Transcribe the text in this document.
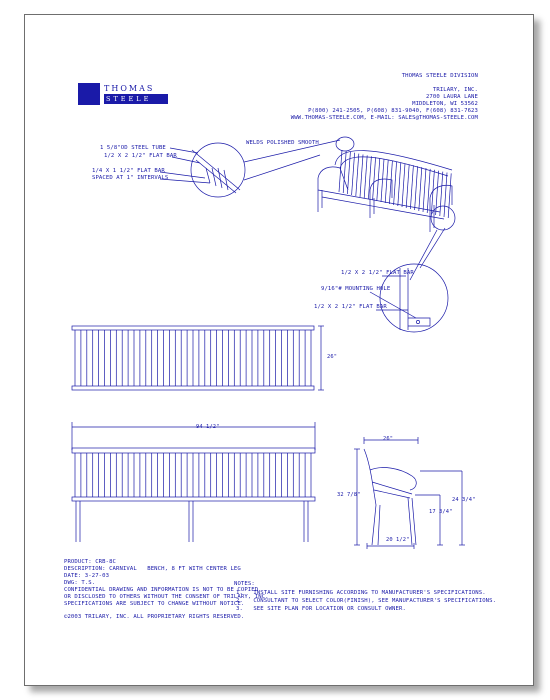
THOMAS
STEELE
THOMAS STEELE DIVISION
TRILARY, INC.
2700 LAURA LANE
MIDDLETON, WI 53562
P(800) 241-2505, P(608) 831-9040, F(608) 831-7623
WWW.THOMAS-STEELE.COM, E-MAIL: SALES@THOMAS-STEELE.COM
1 5/8"OD STEEL TUBE
1/2 X 2 1/2" FLAT BAR
1/4 X 1 1/2" FLAT BAR
SPACED AT 1" INTERVALS
WELDS POLISHED SMOOTH
1/2 X 2 1/2" FLAT BAR
9/16"# MOUNTING HOLE
1/2 X 2 1/2" FLAT BAR
26"
94 1/2"
26"
32 7/8"
24 3/4"
17 3/4"
20 1/2"
PRODUCT: CRB-8C
DESCRIPTION: CARNIVAL   BENCH, 8 FT WITH CENTER LEG
DATE: 3-27-03
DWG: T.S.
CONFIDENTIAL DRAWING AND INFORMATION IS NOT TO BE COPIED
OR DISCLOSED TO OTHERS WITHOUT THE CONSENT OF TRILARY, INC.
SPECIFICATIONS ARE SUBJECT TO CHANGE WITHOUT NOTICE.
©2003 TRILARY, INC. ALL PROPRIETARY RIGHTS RESERVED.
NOTES:
1.   INSTALL SITE FURNISHING ACCORDING TO MANUFACTURER'S SPECIFICATIONS.
2.   CONSULTANT TO SELECT COLOR(FINISH), SEE MANUFACTURER'S SPECIFICATIONS.
3.   SEE SITE PLAN FOR LOCATION OR CONSULT OWNER.
